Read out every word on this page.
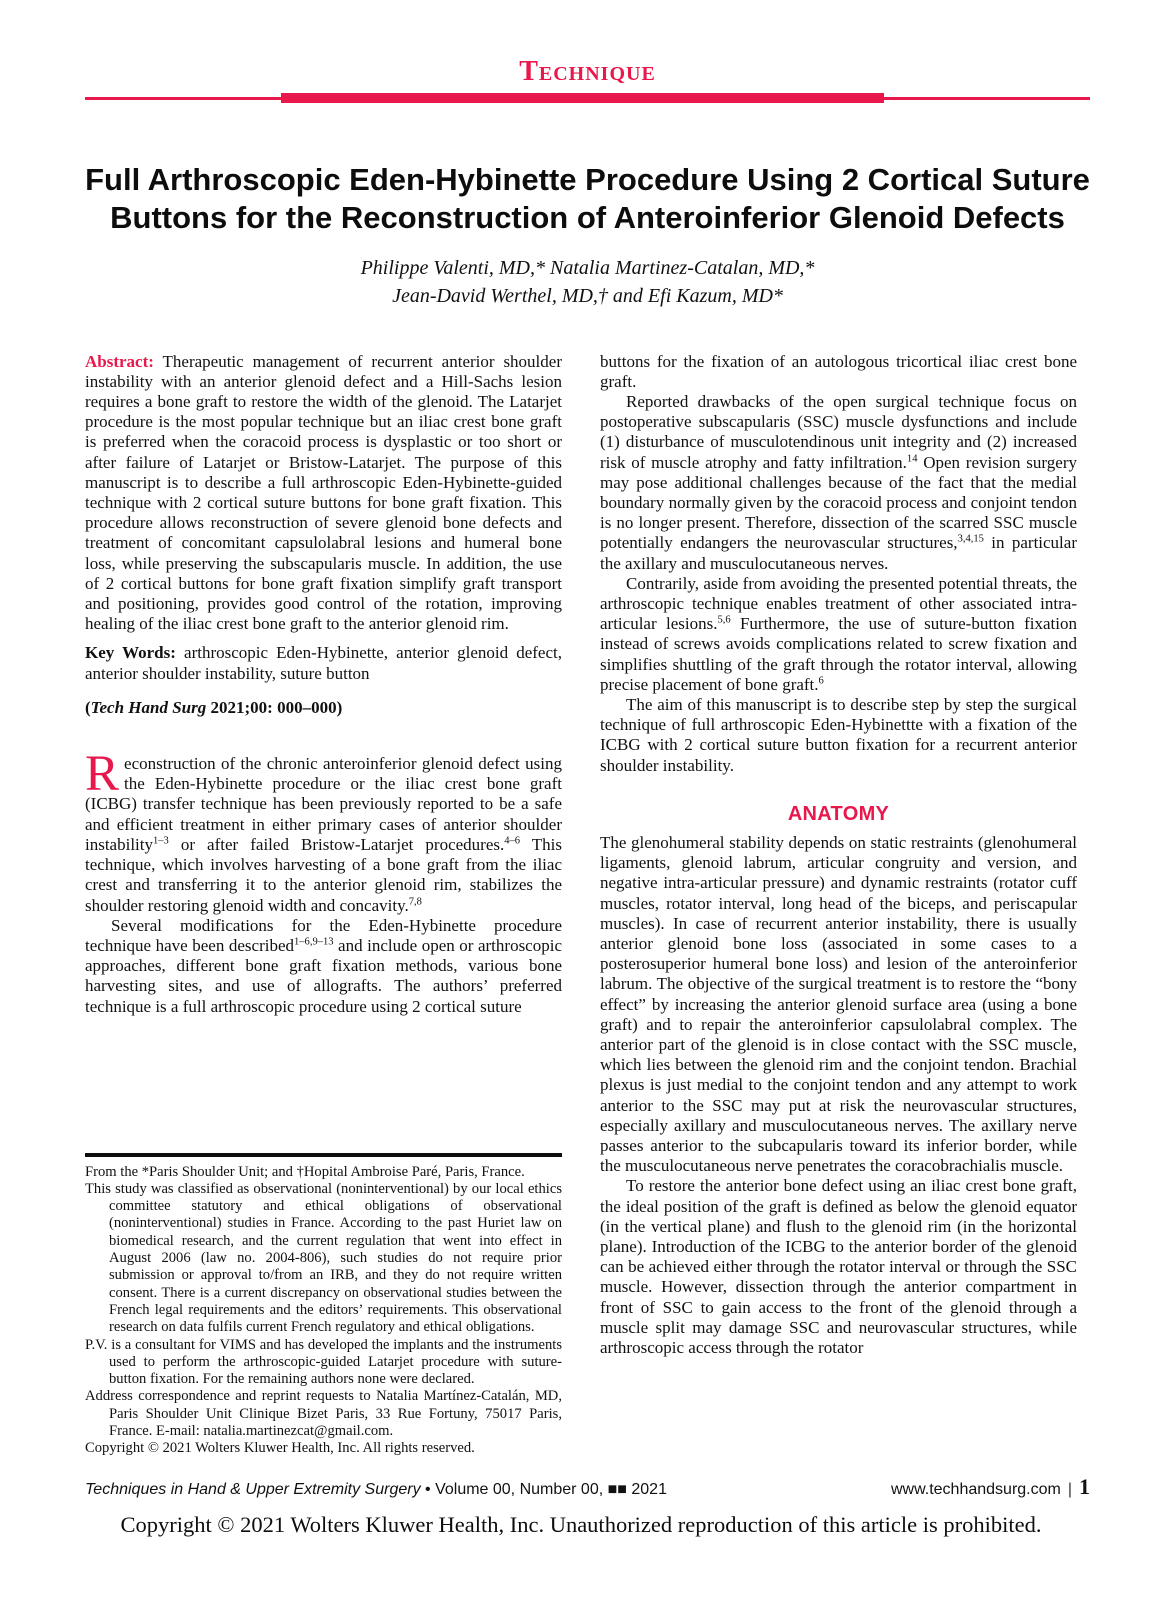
Technique
Full Arthroscopic Eden-Hybinette Procedure Using 2 Cortical Suture Buttons for the Reconstruction of Anteroinferior Glenoid Defects
Philippe Valenti, MD,* Natalia Martinez-Catalan, MD,*
Jean-David Werthel, MD,† and Efi Kazum, MD*

Abstract: Therapeutic management of recurrent anterior shoulder instability with an anterior glenoid defect and a Hill-Sachs lesion requires a bone graft to restore the width of the glenoid. The Latarjet procedure is the most popular technique but an iliac crest bone graft is preferred when the coracoid process is dysplastic or too short or after failure of Latarjet or Bristow-Latarjet. The purpose of this manuscript is to describe a full arthroscopic Eden-Hybinette-guided technique with 2 cortical suture buttons for bone graft fixation. This procedure allows reconstruction of severe glenoid bone defects and treatment of concomitant capsulolabral lesions and humeral bone loss, while preserving the subscapularis muscle. In addition, the use of 2 cortical buttons for bone graft fixation simplify graft transport and positioning, provides good control of the rotation, improving healing of the iliac crest bone graft to the anterior glenoid rim.

Key Words: arthroscopic Eden-Hybinette, anterior glenoid defect, anterior shoulder instability, suture button

(Tech Hand Surg 2021;00: 000–000)

Reconstruction of the chronic anteroinferior glenoid defect using the Eden-Hybinette procedure or the iliac crest bone graft (ICBG) transfer technique has been previously reported to be a safe and efficient treatment in either primary cases of anterior shoulder instability$^{1-3}$ or after failed Bristow-Latarjet procedures.$^{4-6}$ This technique, which involves harvesting of a bone graft from the iliac crest and transferring it to the anterior glenoid rim, stabilizes the shoulder restoring glenoid width and concavity.$^{7,8}$

Several modifications for the Eden-Hybinette procedure technique have been described$^{1-6,9-13}$ and include open or arthroscopic approaches, different bone graft fixation methods, various bone harvesting sites, and use of allografts. The authors’ preferred technique is a full arthroscopic procedure using 2 cortical suture

From the *Paris Shoulder Unit; and †Hopital Ambroise Paré, Paris, France.

This study was classified as observational (noninterventional) by our local ethics committee statutory and ethical obligations of observational (noninterventional) studies in France. According to the past Huriet law on biomedical research, and the current regulation that went into effect in August 2006 (law no. 2004-806), such studies do not require prior submission or approval to/from an IRB, and they do not require written consent. There is a current discrepancy on observational studies between the French legal requirements and the editors’ requirements. This observational research on data fulfils current French regulatory and ethical obligations.

P.V. is a consultant for VIMS and has developed the implants and the instruments used to perform the arthroscopic-guided Latarjet procedure with suture-button fixation. For the remaining authors none were declared.

Address correspondence and reprint requests to Natalia Martínez-Catalán, MD, Paris Shoulder Unit Clinique Bizet Paris, 33 Rue Fortuny, 75017 Paris, France. E-mail: natalia.martinezcat@gmail.com.

Copyright © 2021 Wolters Kluwer Health, Inc. All rights reserved.

buttons for the fixation of an autologous tricortical iliac crest bone graft.

Reported drawbacks of the open surgical technique focus on postoperative subscapularis (SSC) muscle dysfunctions and include (1) disturbance of musculotendinous unit integrity and (2) increased risk of muscle atrophy and fatty infiltration.$^{14}$ Open revision surgery may pose additional challenges because of the fact that the medial boundary normally given by the coracoid process and conjoint tendon is no longer present. Therefore, dissection of the scarred SSC muscle potentially endangers the neurovascular structures,$^{3,4,15}$ in particular the axillary and musculocutaneous nerves.

Contrarily, aside from avoiding the presented potential threats, the arthroscopic technique enables treatment of other associated intra-articular lesions.$^{5,6}$ Furthermore, the use of suture-button fixation instead of screws avoids complications related to screw fixation and simplifies shuttling of the graft through the rotator interval, allowing precise placement of bone graft.$^6$

The aim of this manuscript is to describe step by step the surgical technique of full arthroscopic Eden-Hybinettte with a fixation of the ICBG with 2 cortical suture button fixation for a recurrent anterior shoulder instability.

ANATOMY

The glenohumeral stability depends on static restraints (glenohumeral ligaments, glenoid labrum, articular congruity and version, and negative intra-articular pressure) and dynamic restraints (rotator cuff muscles, rotator interval, long head of the biceps, and periscapular muscles). In case of recurrent anterior instability, there is usually anterior glenoid bone loss (associated in some cases to a posterosuperior humeral bone loss) and lesion of the anteroinferior labrum. The objective of the surgical treatment is to restore the “bony effect” by increasing the anterior glenoid surface area (using a bone graft) and to repair the anteroinferior capsulolabral complex. The anterior part of the glenoid is in close contact with the SSC muscle, which lies between the glenoid rim and the conjoint tendon. Brachial plexus is just medial to the conjoint tendon and any attempt to work anterior to the SSC may put at risk the neurovascular structures, especially axillary and musculocutaneous nerves. The axillary nerve passes anterior to the subcapularis toward its inferior border, while the musculocutaneous nerve penetrates the coracobrachialis muscle.

To restore the anterior bone defect using an iliac crest bone graft, the ideal position of the graft is defined as below the glenoid equator (in the vertical plane) and flush to the glenoid rim (in the horizontal plane). Introduction of the ICBG to the anterior border of the glenoid can be achieved either through the rotator interval or through the SSC muscle. However, dissection through the anterior compartment in front of SSC to gain access to the front of the glenoid through a muscle split may damage SSC and neurovascular structures, while arthroscopic access through the rotator

Techniques in Hand & Upper Extremity Surgery • Volume 00, Number 00, ■■ 2021	www.techhandsurg.com | 1
Copyright © 2021 Wolters Kluwer Health, Inc. Unauthorized reproduction of this article is prohibited.
